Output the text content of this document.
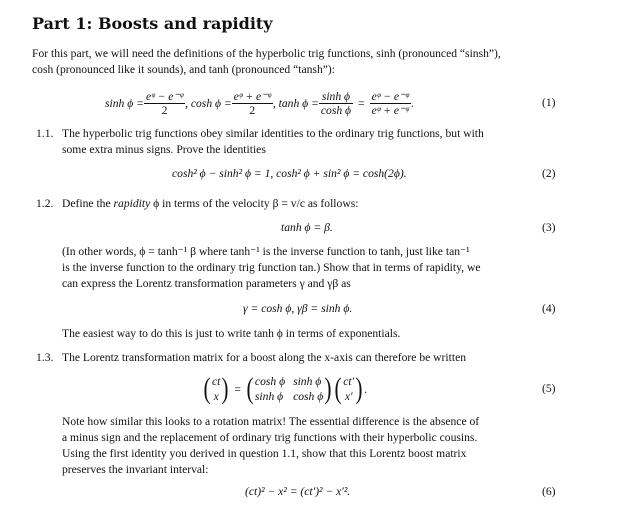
Part 1: Boosts and rapidity
For this part, we will need the definitions of the hyperbolic trig functions, sinh (pronounced “sinsh”),
cosh (pronounced like it sounds), and tanh (pronounced “tansh”):
$\sinh \phi = \frac{\text{eᵠ − e⁻ᵠ}}{2}$ , $\cosh \phi = \frac{\text{eᵠ + e⁻ᵠ}}{2}$ , $\tanh \phi = \frac{\text{sinh ϕ}}{\text{cosh ϕ}} = \frac{\text{eᵠ − e⁻ᵠ}}{\text{eᵠ + e⁻ᵠ}}$ .	(1)
1.1. The hyperbolic trig functions obey similar identities to the ordinary trig functions, but with
some extra minus signs. Prove the identities
cosh² ϕ − sinh² ϕ = 1, cosh² ϕ + sin² ϕ = cosh(2ϕ).	(2)
1.2. Define the rapidity ϕ in terms of the velocity β = v/c as follows:
tanh ϕ = β.	(3)
(In other words, ϕ = tanh⁻¹ β where tanh⁻¹ is the inverse function to tanh, just like tan⁻¹
is the inverse function to the ordinary trig function tan.) Show that in terms of rapidity, we
can express the Lorentz transformation parameters γ and γβ as
γ = cosh ϕ, γβ = sinh ϕ.	(4)
The easiest way to do this is just to write tanh ϕ in terms of exponentials.
1.3. The Lorentz transformation matrix for a boost along the x-axis can therefore be written
( ct
x ) = ( cosh ϕ sinh ϕ
sinh ϕ cosh ϕ ) ( ct′
x′ ) .	(5)
Note how similar this looks to a rotation matrix! The essential difference is the absence of
a minus sign and the replacement of ordinary trig functions with their hyperbolic cousins.
Using the first identity you derived in question 1.1, show that this Lorentz boost matrix
preserves the invariant interval:
(ct)² − x² = (ct′)² − x′².	(6)
